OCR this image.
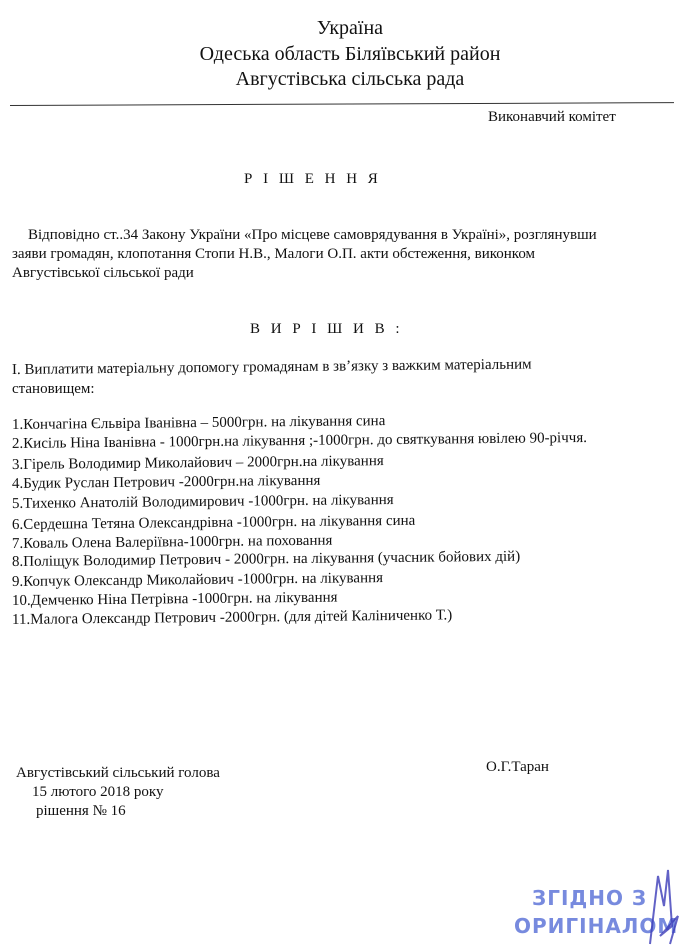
Україна
Одеська область Біляївський район
Августівська сільська рада
Виконавчий комітет
Р І Ш Е Н Н Я
Відповідно ст..34 Закону України «Про місцеве самоврядування в Україні», розглянувши
заяви громадян, клопотання Стопи Н.В., Малоги О.П. акти обстеження, виконком
Августівської сільської ради
В И Р І Ш И В :
I. Виплатити матеріальну допомогу громадянам в зв’язку з важким матеріальним
становищем:
1.Кончагіна Єльвіра Іванівна – 5000грн. на лікування сина
2.Кисіль Ніна Іванівна - 1000грн.на лікування ;-1000грн. до святкування ювілею 90-річчя.
3.Гірель Володимир Миколайович – 2000грн.на лікування
4.Будик Руслан Петрович -2000грн.на лікування
5.Тихенко Анатолій Володимирович -1000грн. на лікування
6.Сердешна Тетяна Олександрівна -1000грн. на лікування сина
7.Коваль Олена Валеріївна-1000грн. на поховання
8.Поліщук Володимир Петрович - 2000грн. на лікування (учасник бойових дій)
9.Копчук Олександр Миколайович -1000грн. на лікування
10.Демченко Ніна Петрівна -1000грн. на лікування
11.Малога Олександр Петрович -2000грн. (для дітей Каліниченко Т.)
Августівський сільський голова	О.Г.Таран
15 лютого 2018 року
рішення № 16
ЗГІДНО З
ОРИГІНАЛОМ
